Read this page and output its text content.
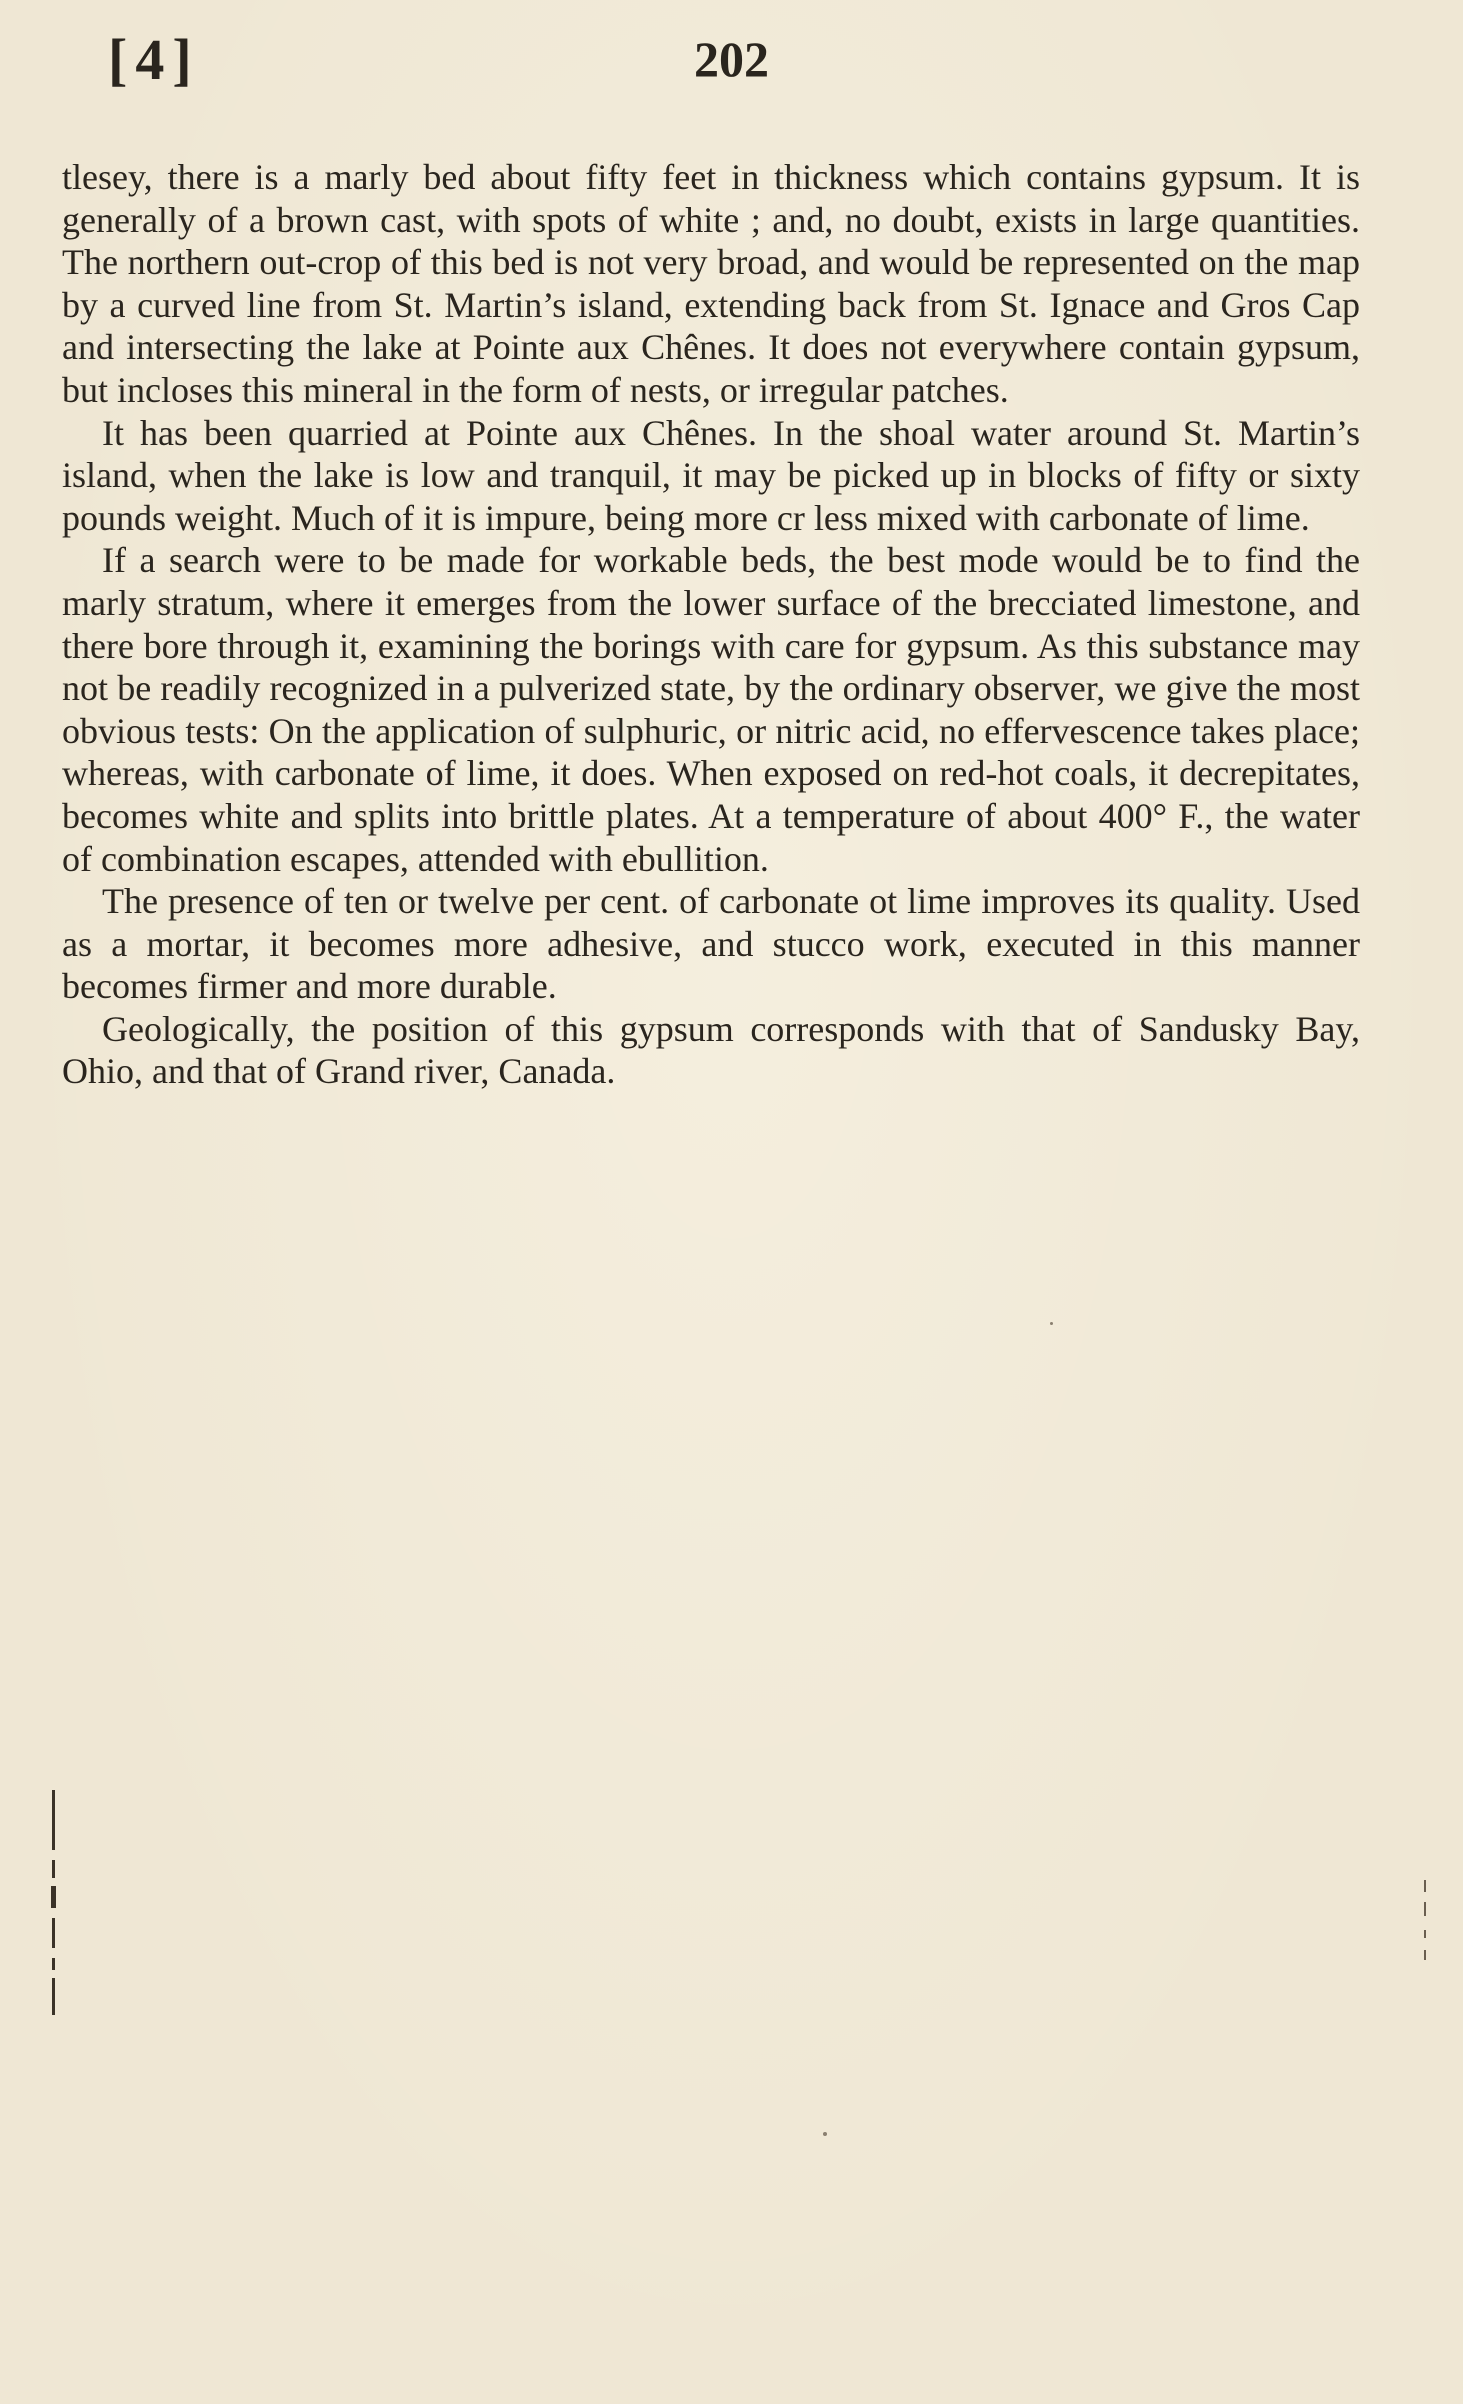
[4]	202

tlesey, there is a marly bed about fifty feet in thickness which contains gypsum. It is generally of a brown cast, with spots of white ; and, no doubt, exists in large quantities. The northern out-crop of this bed is not very broad, and would be represented on the map by a curved line from St. Martin’s island, extending back from St. Ignace and Gros Cap and intersecting the lake at Pointe aux Chênes. It does not everywhere contain gypsum, but incloses this mineral in the form of nests, or irregular patches.

It has been quarried at Pointe aux Chênes. In the shoal water around St. Martin’s island, when the lake is low and tranquil, it may be picked up in blocks of fifty or sixty pounds weight. Much of it is impure, being more cr less mixed with carbonate of lime.

If a search were to be made for workable beds, the best mode would be to find the marly stratum, where it emerges from the lower surface of the brecciated limestone, and there bore through it, examining the borings with care for gypsum. As this substance may not be readily recognized in a pulverized state, by the ordinary observer, we give the most obvious tests: On the application of sulphuric, or nitric acid, no effervescence takes place; whereas, with carbonate of lime, it does. When exposed on red-hot coals, it decrepitates, becomes white and splits into brittle plates. At a temperature of about 400° F., the water of combination escapes, attended with ebullition.

The presence of ten or twelve per cent. of carbonate ot lime improves its quality. Used as a mortar, it becomes more adhesive, and stucco work, executed in this manner becomes firmer and more durable.

Geologically, the position of this gypsum corresponds with that of Sandusky Bay, Ohio, and that of Grand river, Canada.
